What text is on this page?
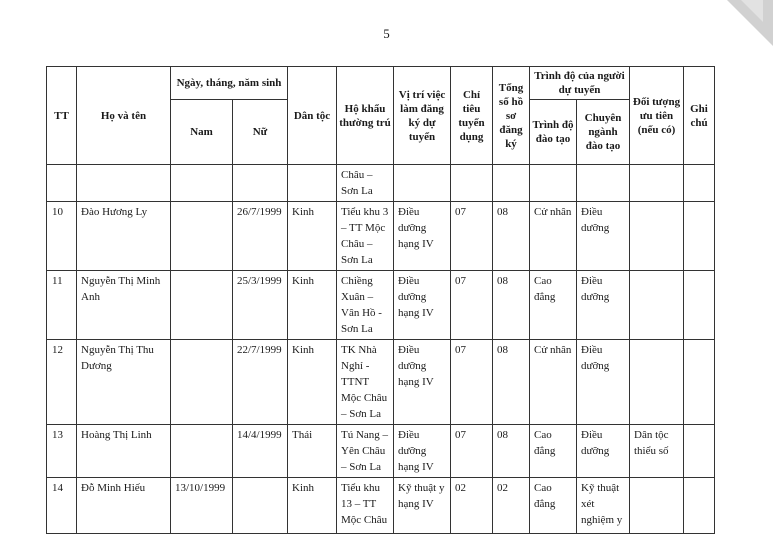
5
TT	Họ và tên	Ngày, tháng, năm sinh		Dân tộc	Hộ khẩu thường trú	Vị trí việc làm đăng ký dự tuyển	Chỉ tiêu tuyển dụng	Tổng số hồ sơ đăng ký	Trình độ của người dự tuyển		Đối tượng ưu tiên (nếu có)	Ghi chú
		Nam	Nữ						Trình độ đào tạo	Chuyên ngành đào tạo		
					Châu – Sơn La							
10	Đào Hương Ly		26/7/1999	Kinh	Tiểu khu 3 – TT Mộc Châu – Sơn La	Điều dưỡng hạng IV	07	08	Cử nhân	Điều dưỡng		
11	Nguyễn Thị Minh Anh		25/3/1999	Kinh	Chiềng Xuân – Vân Hồ - Sơn La	Điều dưỡng hạng IV	07	08	Cao đẳng	Điều dưỡng		
12	Nguyễn Thị Thu Dương		22/7/1999	Kinh	TK Nhà Nghỉ - TTNT Mộc Châu – Sơn La	Điều dưỡng hạng IV	07	08	Cử nhân	Điều dưỡng		
13	Hoàng Thị Linh		14/4/1999	Thái	Tú Nang – Yên Châu – Sơn La	Điều dưỡng hạng IV	07	08	Cao đẳng	Điều dưỡng	Dân tộc thiểu số	
14	Đỗ Minh Hiếu	13/10/1999		Kinh	Tiểu khu 13 – TT Mộc Châu	Kỹ thuật y hạng IV	02	02	Cao đẳng	Kỹ thuật xét nghiệm y		
